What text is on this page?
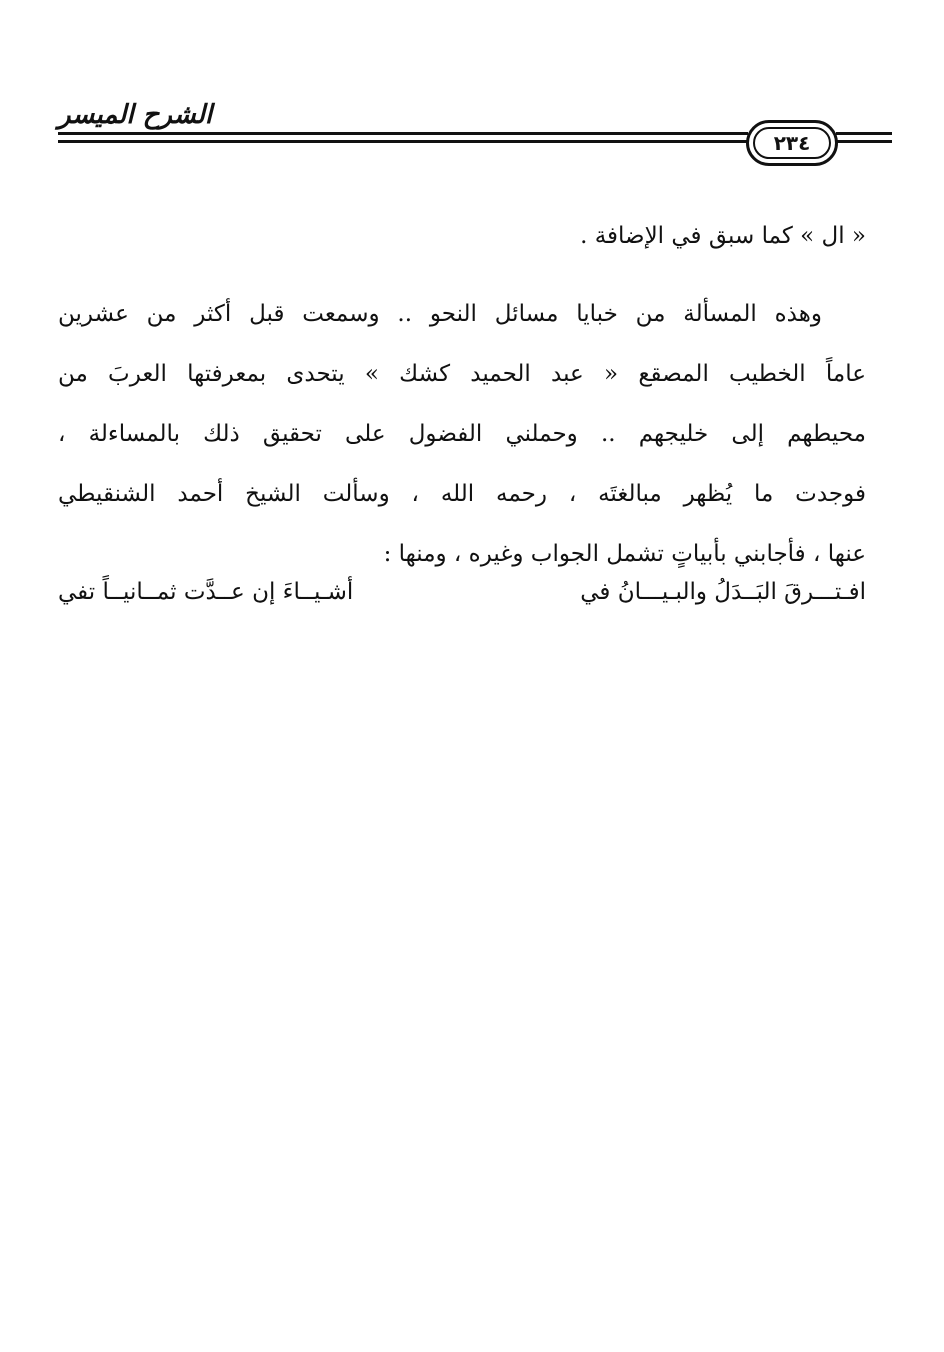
الشرح الميسر
٢٣٤
« ال » كما سبق في الإضافة .
وهذه المسألة من خبايا مسائل النحو .. وسمعت قبل أكثر من عشرين
عاماً الخطيب المصقع « عبد الحميد كشك » يتحدى بمعرفتها العربَ من
محيطهم إلى خليجهم .. وحملني الفضول على تحقيق ذلك بالمساءلة ،
فوجدت ما يُظهر مبالغتَه ، رحمه الله ، وسألت الشيخ أحمد الشنقيطي
عنها ، فأجابني بأبياتٍ تشمل الجواب وغيره ، ومنها :
افـتـــرقَ البَــدَلُ والبـيـــانُ في
أشـيــاءَ إن عــدَّت ثمــانيــاً تفي
